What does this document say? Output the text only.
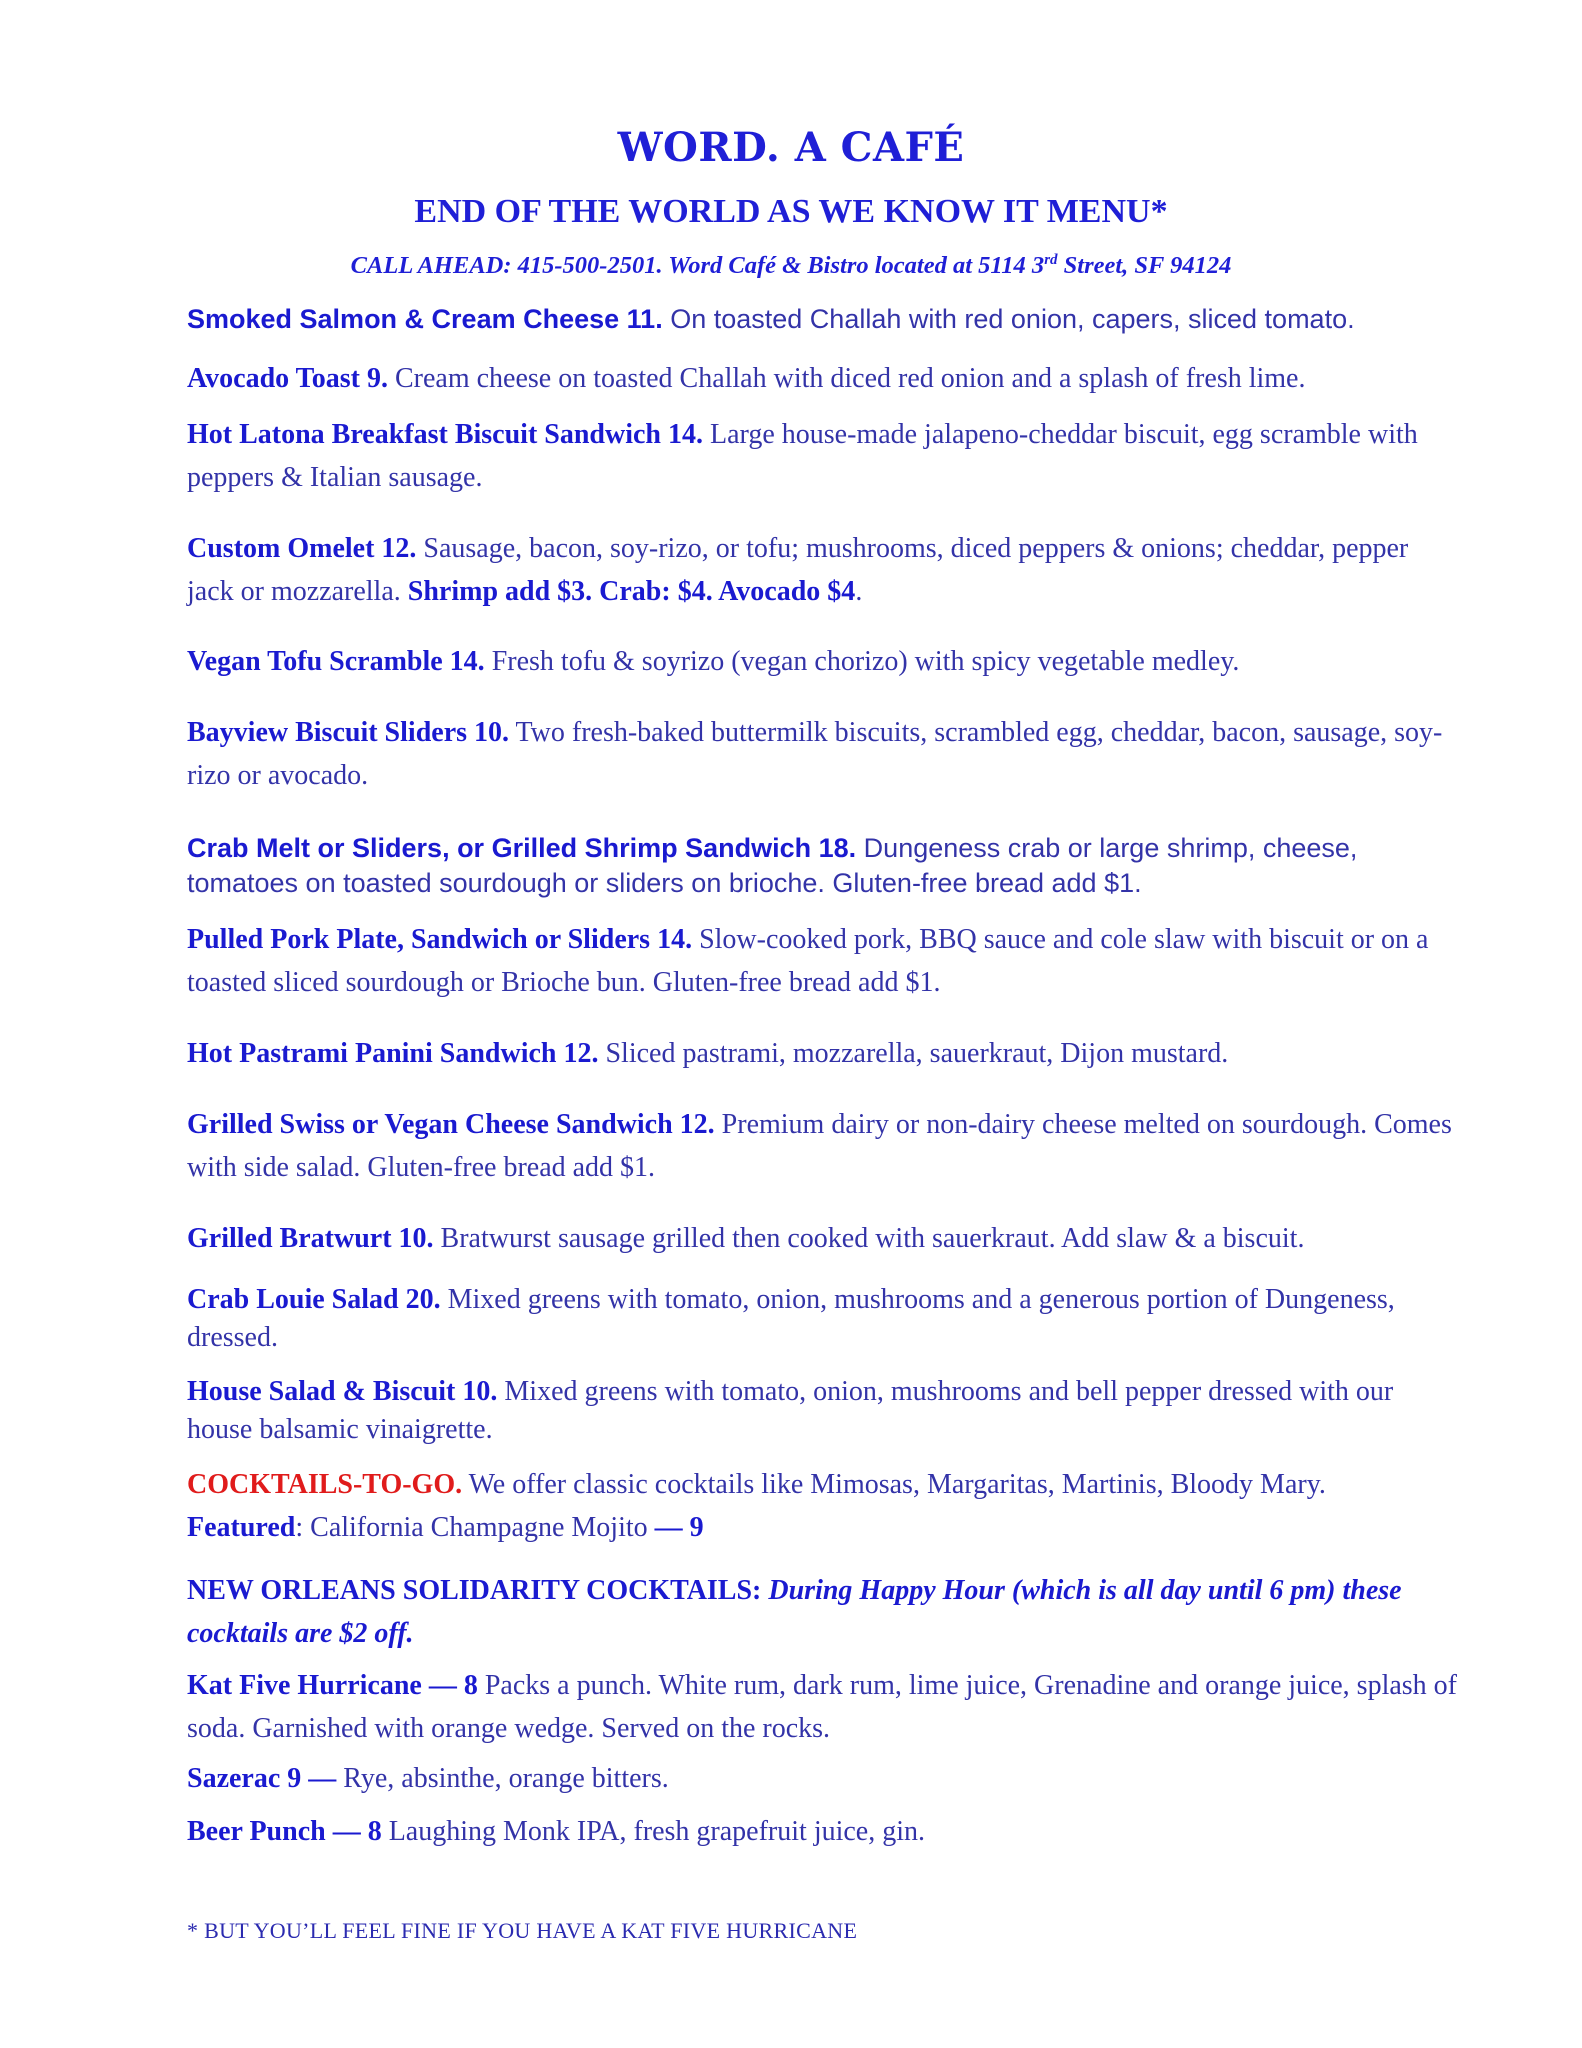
WORD. A CAFÉ
END OF THE WORLD AS WE KNOW IT MENU*
CALL AHEAD: 415-500-2501. Word Café & Bistro located at 5114 3rd Street, SF 94124
Smoked Salmon & Cream Cheese 11. On toasted Challah with red onion, capers, sliced tomato.
Avocado Toast 9. Cream cheese on toasted Challah with diced red onion and a splash of fresh lime.
Hot Latona Breakfast Biscuit Sandwich 14. Large house-made jalapeno-cheddar biscuit, egg scramble with peppers & Italian sausage.
Custom Omelet 12. Sausage, bacon, soy-rizo, or tofu; mushrooms, diced peppers & onions; cheddar, pepper jack or mozzarella. Shrimp add $3. Crab: $4. Avocado $4.
Vegan Tofu Scramble 14. Fresh tofu & soyrizo (vegan chorizo) with spicy vegetable medley.
Bayview Biscuit Sliders 10. Two fresh-baked buttermilk biscuits, scrambled egg, cheddar, bacon, sausage, soy-rizo or avocado.
Crab Melt or Sliders, or Grilled Shrimp Sandwich 18. Dungeness crab or large shrimp, cheese, tomatoes on toasted sourdough or sliders on brioche. Gluten-free bread add $1.
Pulled Pork Plate, Sandwich or Sliders 14. Slow-cooked pork, BBQ sauce and cole slaw with biscuit or on a toasted sliced sourdough or Brioche bun. Gluten-free bread add $1.
Hot Pastrami Panini Sandwich 12. Sliced pastrami, mozzarella, sauerkraut, Dijon mustard.
Grilled Swiss or Vegan Cheese Sandwich 12. Premium dairy or non-dairy cheese melted on sourdough. Comes with side salad. Gluten-free bread add $1.
Grilled Bratwurt 10. Bratwurst sausage grilled then cooked with sauerkraut. Add slaw & a biscuit.
Crab Louie Salad 20. Mixed greens with tomato, onion, mushrooms and a generous portion of Dungeness, dressed.
House Salad & Biscuit 10. Mixed greens with tomato, onion, mushrooms and bell pepper dressed with our house balsamic vinaigrette.
COCKTAILS-TO-GO. We offer classic cocktails like Mimosas, Margaritas, Martinis, Bloody Mary.
Featured: California Champagne Mojito — 9
NEW ORLEANS SOLIDARITY COCKTAILS: During Happy Hour (which is all day until 6 pm) these cocktails are $2 off.
Kat Five Hurricane — 8 Packs a punch. White rum, dark rum, lime juice, Grenadine and orange juice, splash of soda. Garnished with orange wedge. Served on the rocks.
Sazerac 9 — Rye, absinthe, orange bitters.
Beer Punch — 8 Laughing Monk IPA, fresh grapefruit juice, gin.
* BUT YOU’LL FEEL FINE IF YOU HAVE A KAT FIVE HURRICANE
